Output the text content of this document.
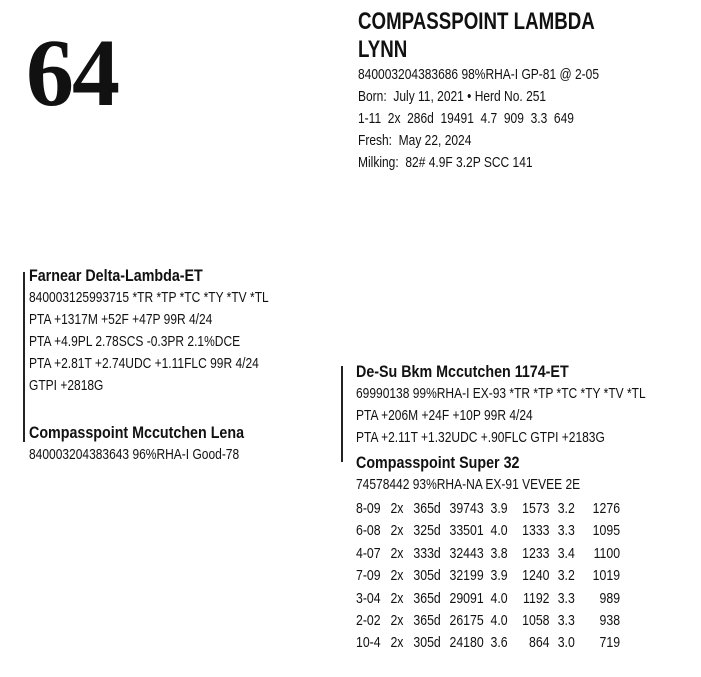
64	COMPASSPOINT LAMBDA LYNN
840003204383686 98%RHA-I GP-81 @ 2-05
Born:  July 11, 2021 • Herd No. 251
1-11  2x  286d  19491  4.7  909  3.3  649
Fresh:  May 22, 2024
Milking:  82# 4.9F 3.2P SCC 141
Farnear Delta-Lambda-ET
840003125993715 *TR *TP *TC *TY *TV *TL
PTA +1317M +52F +47P 99R 4/24
PTA +4.9PL 2.78SCS -0.3PR 2.1%DCE
PTA +2.81T +2.74UDC +1.11FLC 99R 4/24
GTPI +2818G
Compasspoint Mccutchen Lena
840003204383643 96%RHA-I Good-78
De-Su Bkm Mccutchen 1174-ET
69990138 99%RHA-I EX-93 *TR *TP *TC *TY *TV *TL
PTA +206M +24F +10P 99R 4/24
PTA +2.11T +1.32UDC +.90FLC GTPI +2183G
Compasspoint Super 32
74578442 93%RHA-NA EX-91 VEVEE 2E
8-09 2x 365d 39743 3.9 1573 3.2	1276
6-08 2x 325d 33501 4.0 1333 3.3	1095
4-07 2x 333d 32443 3.8 1233 3.4	1100
7-09 2x 305d 32199 3.9 1240 3.2	1019
3-04 2x 365d 29091 4.0	1192 3.3	989
2-02 2x 365d 26175 4.0 1058 3.3	938
10-4 2x 305d 24180 3.6	864 3.0	719
